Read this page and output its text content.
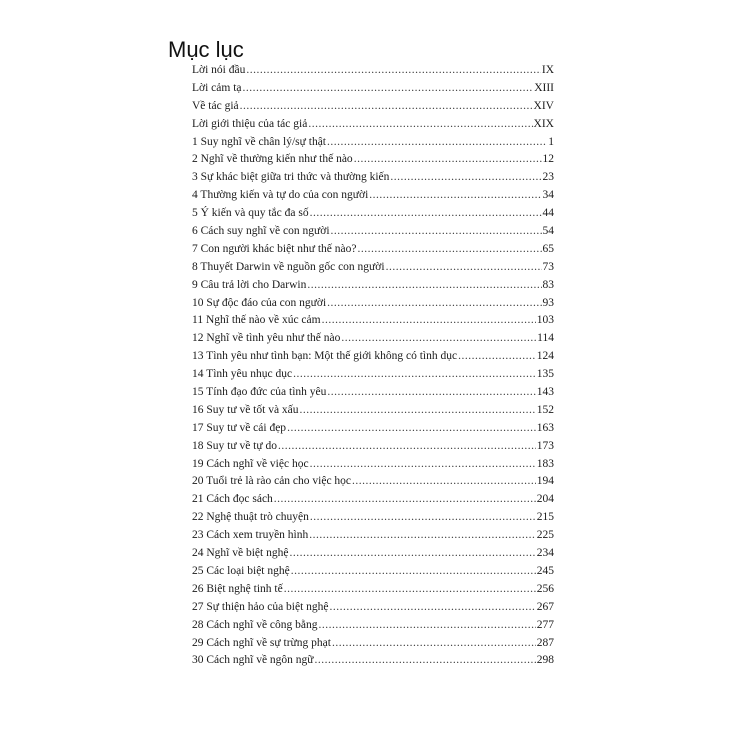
Mục lục
Lời nói đầu .....	IX
Lời cảm tạ .....	XIII
Về tác giả .....	XIV
Lời giới thiệu của tác giả .....	XIX
1 Suy nghĩ về chân lý/sự thật .....	1
2 Nghĩ về thường kiến như thế nào .....	12
3 Sự khác biệt giữa tri thức và thường kiến .....	23
4 Thường kiến và tự do của con người .....	34
5 Ý kiến và quy tắc đa số .....	44
6 Cách suy nghĩ về con người .....	54
7 Con người khác biệt như thế nào? .....	65
8 Thuyết Darwin về nguồn gốc con người .....	73
9 Câu trả lời cho Darwin .....	83
10 Sự độc đáo của con người .....	93
11 Nghĩ thế nào về xúc cảm .....	103
12 Nghĩ về tình yêu như thế nào .....	114
13 Tình yêu như tình bạn: Một thế giới không có tình dục .....	124
14 Tình yêu nhục dục .....	135
15 Tính đạo đức của tình yêu .....	143
16 Suy tư về tốt và xấu .....	152
17 Suy tư về cái đẹp .....	163
18 Suy tư về tự do .....	173
19 Cách nghĩ về việc học .....	183
20 Tuổi trẻ là rào cản cho việc học .....	194
21 Cách đọc sách .....	204
22 Nghệ thuật trò chuyện .....	215
23 Cách xem truyền hình .....	225
24 Nghĩ về biệt nghệ .....	234
25 Các loại biệt nghệ .....	245
26 Biệt nghệ tinh tế .....	256
27 Sự thiện hảo của biệt nghệ .....	267
28 Cách nghĩ về công bằng .....	277
29 Cách nghĩ về sự trừng phạt .....	287
30 Cách nghĩ về ngôn ngữ .....	298
